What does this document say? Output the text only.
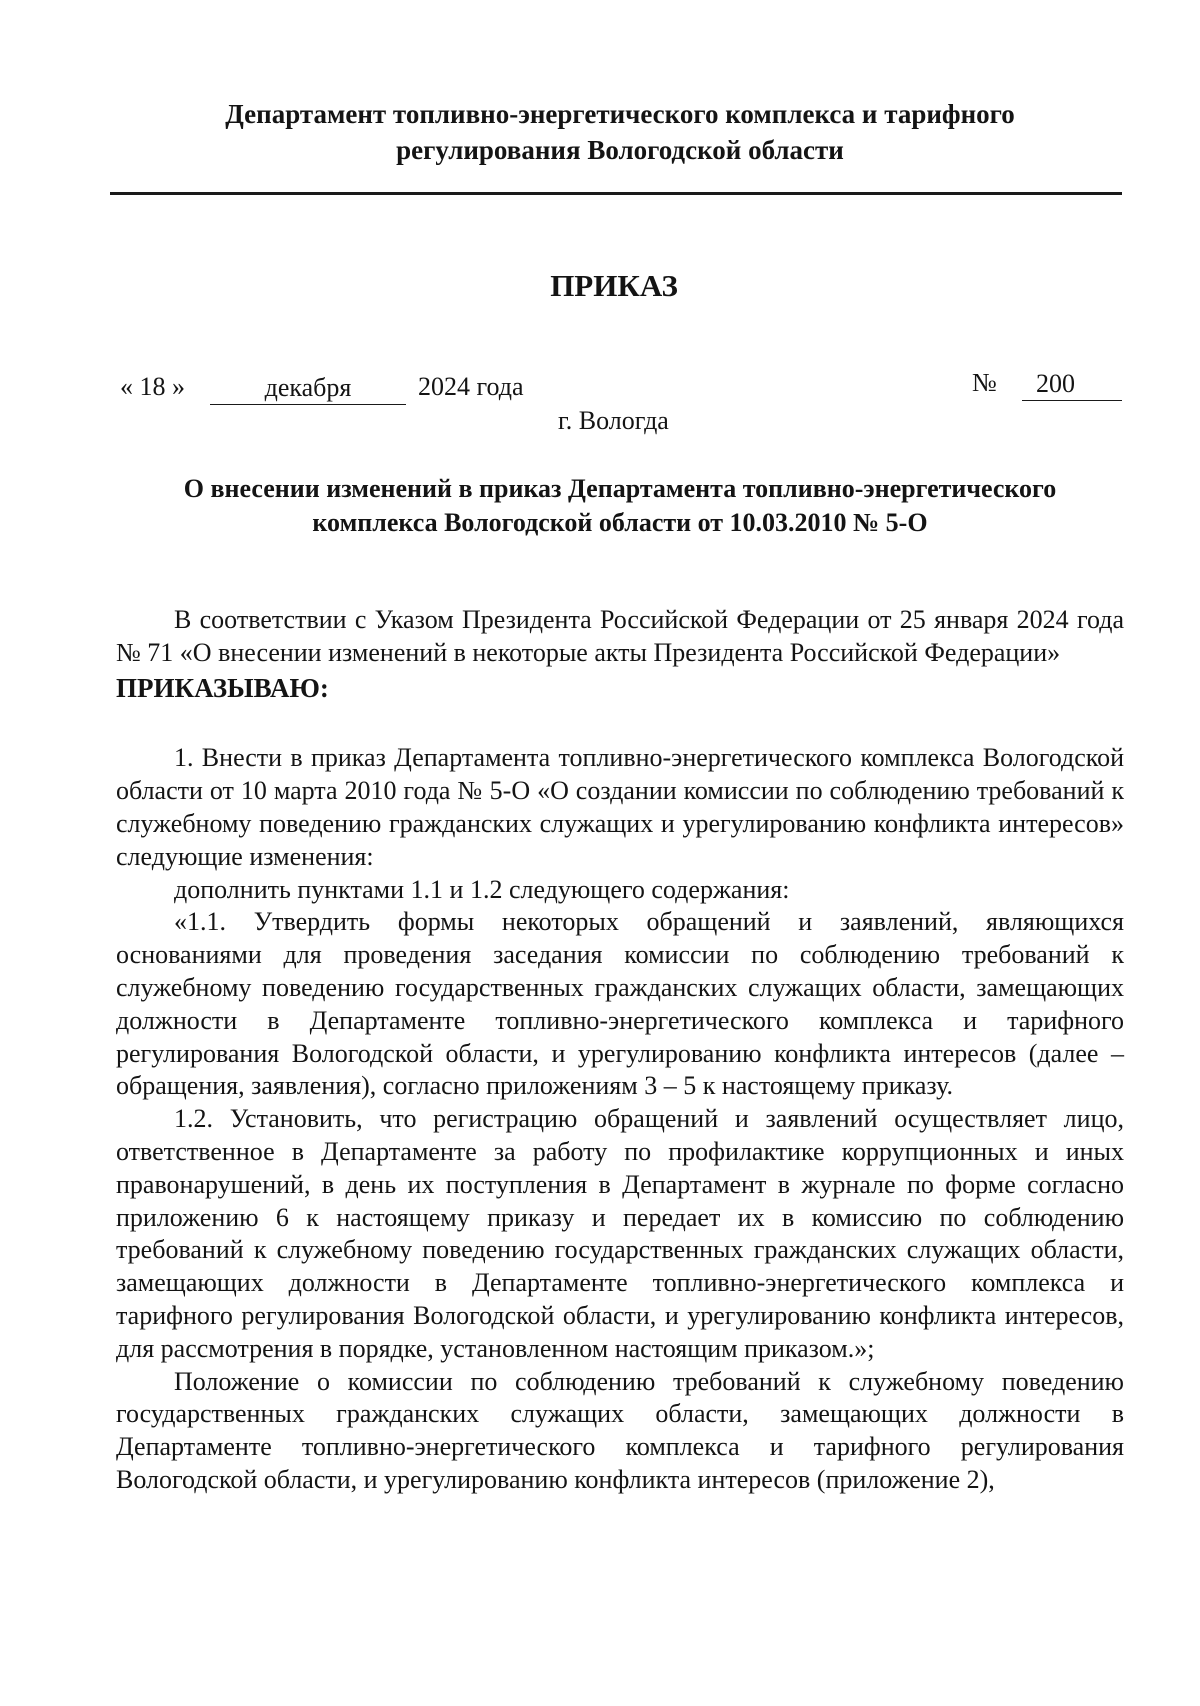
Департамент топливно-энергетического комплекса и тарифного
регулирования Вологодской области
ПРИКАЗ
« 18 »	декабря	2024 года	№	200
г. Вологда
О внесении изменений в приказ Департамента топливно-энергетического
комплекса Вологодской области от 10.03.2010 № 5-О

В соответствии с Указом Президента Российской Федерации от 25 января 2024 года № 71 «О внесении изменений в некоторые акты Президента Российской Федерации»

ПРИКАЗЫВАЮ:

1. Внести в приказ Департамента топливно-энергетического комплекса Вологодской области от 10 марта 2010 года № 5-О «О создании комиссии по соблюдению требований к служебному поведению гражданских служащих и урегулированию конфликта интересов» следующие изменения:

дополнить пунктами 1.1 и 1.2 следующего содержания:

«1.1. Утвердить формы некоторых обращений и заявлений, являющихся основаниями для проведения заседания комиссии по соблюдению требований к служебному поведению государственных гражданских служащих области, замещающих должности в Департаменте топливно-энергетического комплекса и тарифного регулирования Вологодской области, и урегулированию конфликта интересов (далее – обращения, заявления), согласно приложениям 3 – 5 к настоящему приказу.

1.2. Установить, что регистрацию обращений и заявлений осуществляет лицо, ответственное в Департаменте за работу по профилактике коррупционных и иных правонарушений, в день их поступления в Департамент в журнале по форме согласно приложению 6 к настоящему приказу и передает их в комиссию по соблюдению требований к служебному поведению государственных гражданских служащих области, замещающих должности в Департаменте топливно-энергетического комплекса и тарифного регулирования Вологодской области, и урегулированию конфликта интересов, для рассмотрения в порядке, установленном настоящим приказом.»;

Положение о комиссии по соблюдению требований к служебному поведению государственных гражданских служащих области, замещающих должности в Департаменте топливно-энергетического комплекса и тарифного регулирования Вологодской области, и урегулированию конфликта интересов (приложение 2),
